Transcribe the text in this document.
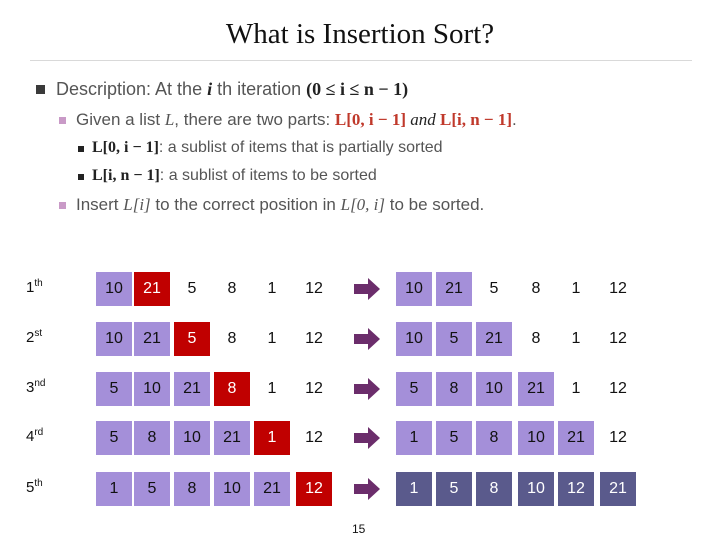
What is Insertion Sort?
Description: At the i th iteration (0 ≤ i ≤ n − 1)
Given a list L, there are two parts: L[0, i − 1] and L[i, n − 1].
L[0, i − 1]: a sublist of items that is partially sorted
L[i, n − 1]: a sublist of items to be sorted
Insert L[i] to the correct position in L[0, i] to be sorted.
1th	10	21	5	8	1	12	10	21	5	8	1	12
2st	10	21	5	8	1	12	10	5	21	8	1	12
3nd	5	10	21	8	1	12	5	8	10	21	1	12
4rd	5	8	10	21	1	12	1	5	8	10	21	12
5th	1	5	8	10	21	12	1	5	8	10	12	21
15
